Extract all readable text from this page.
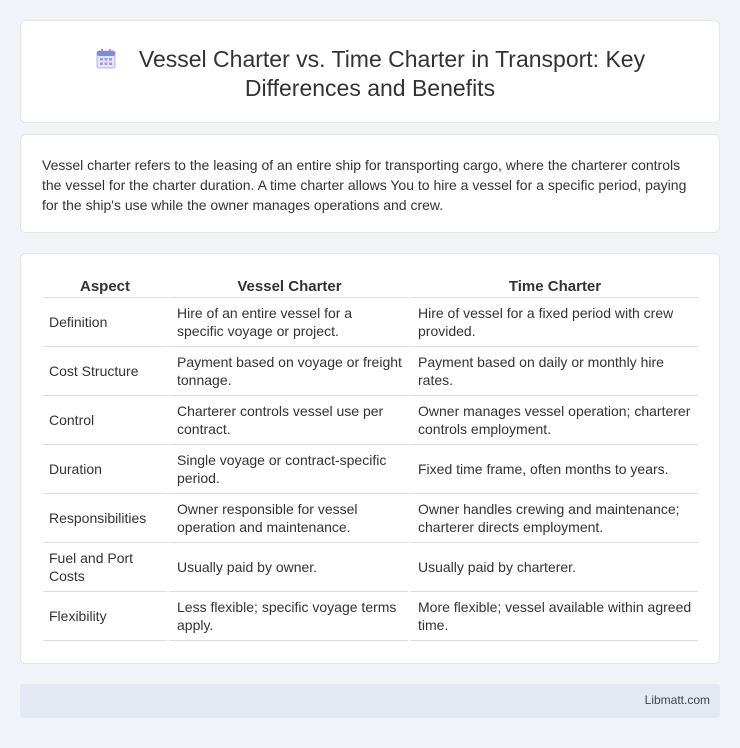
Vessel Charter vs. Time Charter in Transport: Key Differences and Benefits

Vessel charter refers to the leasing of an entire ship for transporting cargo, where the charterer controls the vessel for the charter duration. A time charter allows You to hire a vessel for a specific period, paying for the ship's use while the owner manages operations and crew.

Aspect	Vessel Charter	Time Charter
Definition	Hire of an entire vessel for a specific voyage or project.	Hire of vessel for a fixed period with crew provided.
Cost Structure	Payment based on voyage or freight tonnage.	Payment based on daily or monthly hire rates.
Control	Charterer controls vessel use per contract.	Owner manages vessel operation; charterer controls employment.
Duration	Single voyage or contract-specific period.	Fixed time frame, often months to years.
Responsibilities	Owner responsible for vessel operation and maintenance.	Owner handles crewing and maintenance; charterer directs employment.
Fuel and Port Costs	Usually paid by owner.	Usually paid by charterer.
Flexibility	Less flexible; specific voyage terms apply.	More flexible; vessel available within agreed time.
Libmatt.com
